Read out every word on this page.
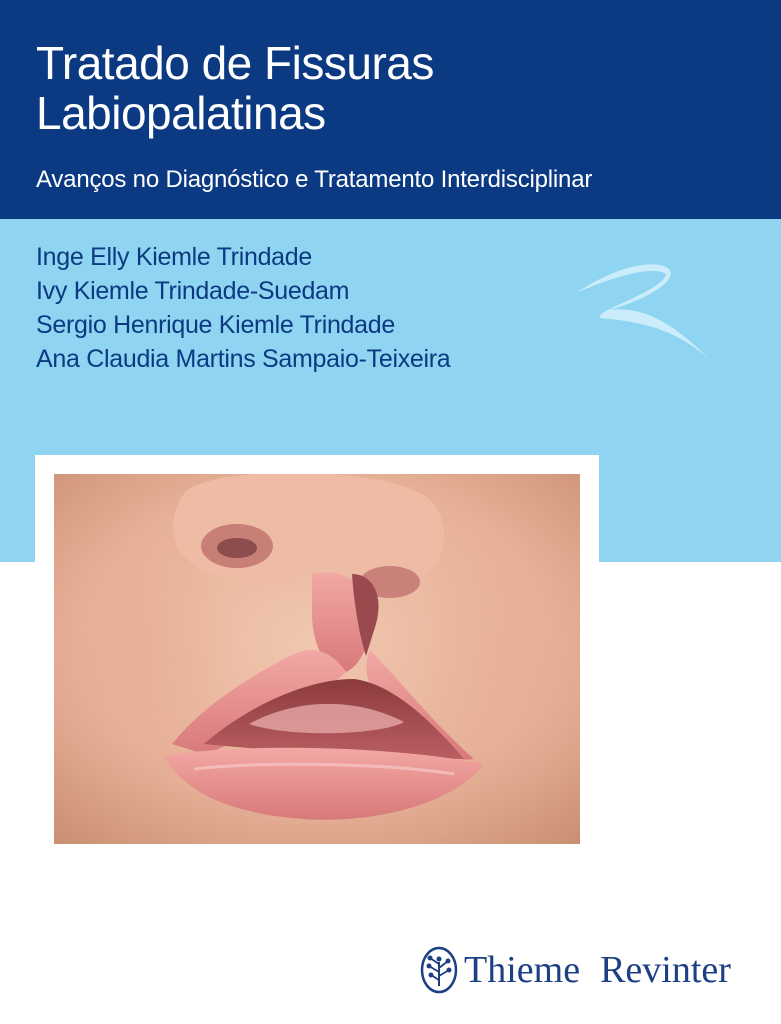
Tratado de Fissuras
Labiopalatinas
Avanços no Diagnóstico e Tratamento Interdisciplinar
Inge Elly Kiemle Trindade
Ivy Kiemle Trindade-Suedam
Sergio Henrique Kiemle Trindade
Ana Claudia Martins Sampaio-Teixeira
Thieme Revinter
